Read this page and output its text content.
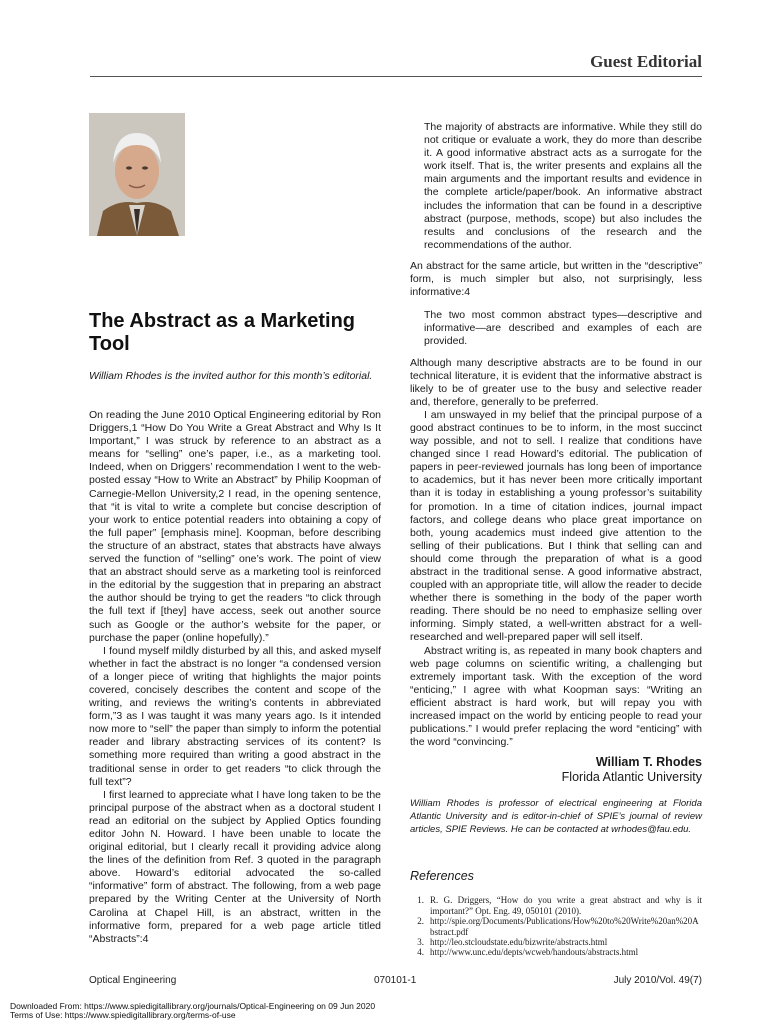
Guest Editorial
The Abstract as a Marketing Tool
William Rhodes is the invited author for this month’s editorial.

On reading the June 2010 Optical Engineering editorial by Ron Driggers,1 “How Do You Write a Great Abstract and Why Is It Important,” I was struck by reference to an abstract as a means for “selling” one’s paper, i.e., as a marketing tool. Indeed, when on Driggers’ recommendation I went to the web-posted essay “How to Write an Abstract” by Philip Koopman of Carnegie-Mellon University,2 I read, in the opening sentence, that “it is vital to write a complete but concise description of your work to entice potential readers into obtaining a copy of the full paper” [emphasis mine]. Koopman, before describing the structure of an abstract, states that abstracts have always served the function of “selling” one’s work. The point of view that an abstract should serve as a marketing tool is reinforced in the editorial by the suggestion that in preparing an abstract the author should be trying to get the readers “to click through the full text if [they] have access, seek out another source such as Google or the author’s website for the paper, or purchase the paper (online hopefully).”

I found myself mildly disturbed by all this, and asked myself whether in fact the abstract is no longer “a condensed version of a longer piece of writing that highlights the major points covered, concisely describes the content and scope of the writing, and reviews the writing’s contents in abbreviated form,”3 as I was taught it was many years ago. Is it intended now more to “sell” the paper than simply to inform the potential reader and library abstracting services of its content? Is something more required than writing a good abstract in the traditional sense in order to get readers “to click through the full text”?

I first learned to appreciate what I have long taken to be the principal purpose of the abstract when as a doctoral student I read an editorial on the subject by Applied Optics founding editor John N. Howard. I have been unable to locate the original editorial, but I clearly recall it providing advice along the lines of the definition from Ref. 3 quoted in the paragraph above. Howard’s editorial advocated the so-called “informative” form of abstract. The following, from a web page prepared by the Writing Center at the University of North Carolina at Chapel Hill, is an abstract, written in the informative form, prepared for a web page article titled “Abstracts”:4

The majority of abstracts are informative. While they still do not critique or evaluate a work, they do more than describe it. A good informative abstract acts as a surrogate for the work itself. That is, the writer presents and explains all the main arguments and the important results and evidence in the complete article/paper/book. An informative abstract includes the information that can be found in a descriptive abstract (purpose, methods, scope) but also includes the results and conclusions of the research and the recommendations of the author.

An abstract for the same article, but written in the “descriptive” form, is much simpler but also, not surprisingly, less informative:4

The two most common abstract types—descriptive and informative—are described and examples of each are provided.

Although many descriptive abstracts are to be found in our technical literature, it is evident that the informative abstract is likely to be of greater use to the busy and selective reader and, therefore, generally to be preferred.

I am unswayed in my belief that the principal purpose of a good abstract continues to be to inform, in the most succinct way possible, and not to sell. I realize that conditions have changed since I read Howard’s editorial. The publication of papers in peer-reviewed journals has long been of importance to academics, but it has never been more critically important than it is today in establishing a young professor’s suitability for promotion. In a time of citation indices, journal impact factors, and college deans who place great importance on both, young academics must indeed give attention to the selling of their publications. But I think that selling can and should come through the preparation of what is a good abstract in the traditional sense. A good informative abstract, coupled with an appropriate title, will allow the reader to decide whether there is something in the body of the paper worth reading. There should be no need to emphasize selling over informing. Simply stated, a well-written abstract for a well-researched and well-prepared paper will sell itself.

Abstract writing is, as repeated in many book chapters and web page columns on scientific writing, a challenging but extremely important task. With the exception of the word “enticing,” I agree with what Koopman says: “Writing an efficient abstract is hard work, but will repay you with increased impact on the world by enticing people to read your publications.” I would prefer replacing the word “enticing” with the word “convincing.”

William T. Rhodes

Florida Atlantic University

William Rhodes is professor of electrical engineering at Florida Atlantic University and is editor-in-chief of SPIE’s journal of review articles, SPIE Reviews. He can be contacted at wrhodes@fau.edu.

References

1. R. G. Driggers, “How do you write a great abstract and why is it important?” Opt. Eng. 49, 050101 (2010).
2. http://spie.org/Documents/Publications/How%20to%20Write%20an%20Abstract.pdf
3. http://leo.stcloudstate.edu/bizwrite/abstracts.html
4. http://www.unc.edu/depts/wcweb/handouts/abstracts.html
Optical Engineering	070101-1	July 2010/Vol. 49(7)
Downloaded From: https://www.spiedigitallibrary.org/journals/Optical-Engineering on 09 Jun 2020
Terms of Use: https://www.spiedigitallibrary.org/terms-of-use
